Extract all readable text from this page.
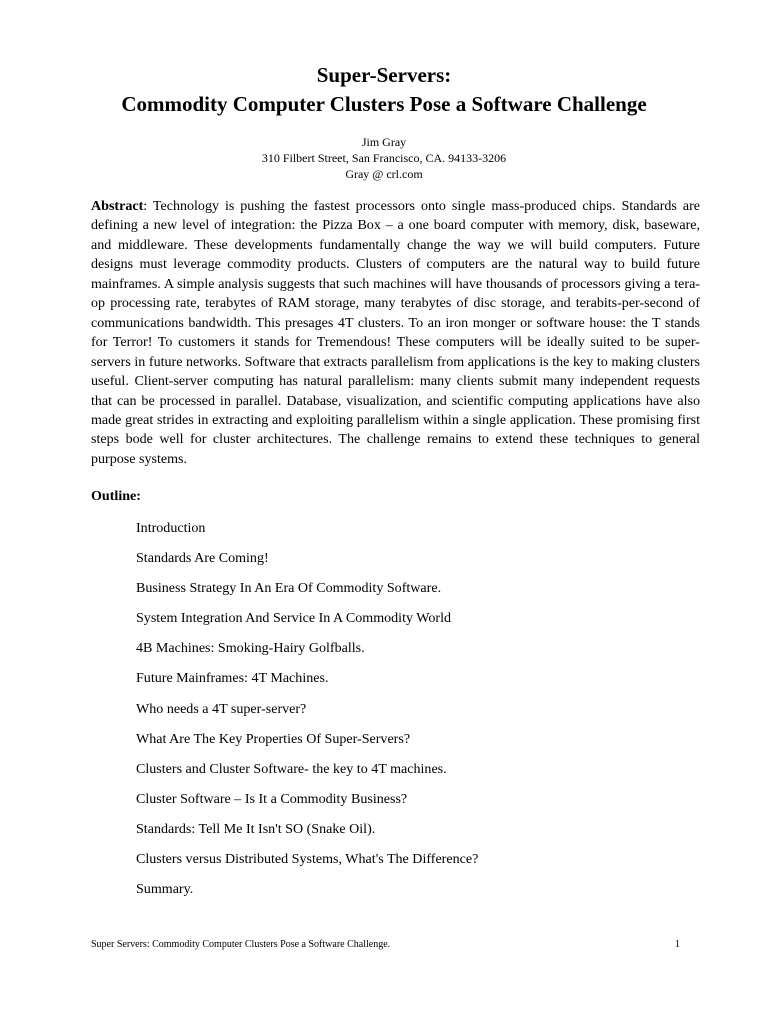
Super-Servers:
Commodity Computer Clusters Pose a Software Challenge
Jim Gray
310 Filbert Street, San Francisco, CA. 94133-3206
Gray @ crl.com

Abstract: Technology is pushing the fastest processors onto single mass-produced chips. Standards are defining a new level of integration: the Pizza Box – a one board computer with memory, disk, baseware, and middleware. These developments fundamentally change the way we will build computers. Future designs must leverage commodity products. Clusters of computers are the natural way to build future mainframes. A simple analysis suggests that such machines will have thousands of processors giving a tera-op processing rate, terabytes of RAM storage, many terabytes of disc storage, and terabits-per-second of communications bandwidth. This presages 4T clusters. To an iron monger or software house: the T stands for Terror! To customers it stands for Tremendous! These computers will be ideally suited to be super-servers in future networks. Software that extracts parallelism from applications is the key to making clusters useful. Client-server computing has natural parallelism: many clients submit many independent requests that can be processed in parallel. Database, visualization, and scientific computing applications have also made great strides in extracting and exploiting parallelism within a single application. These promising first steps bode well for cluster architectures. The challenge remains to extend these techniques to general purpose systems.

Outline:

Introduction
Standards Are Coming!
Business Strategy In An Era Of Commodity Software.
System Integration And Service In A Commodity World
4B Machines: Smoking-Hairy Golfballs.
Future Mainframes: 4T Machines.
Who needs a 4T super-server?
What Are The Key Properties Of Super-Servers?
Clusters and Cluster Software- the key to 4T machines.
Cluster Software – Is It a Commodity Business?
Standards: Tell Me It Isn't SO (Snake Oil).
Clusters versus Distributed Systems, What's The Difference?
Summary.
Super Servers: Commodity Computer Clusters Pose a Software Challenge.	1
